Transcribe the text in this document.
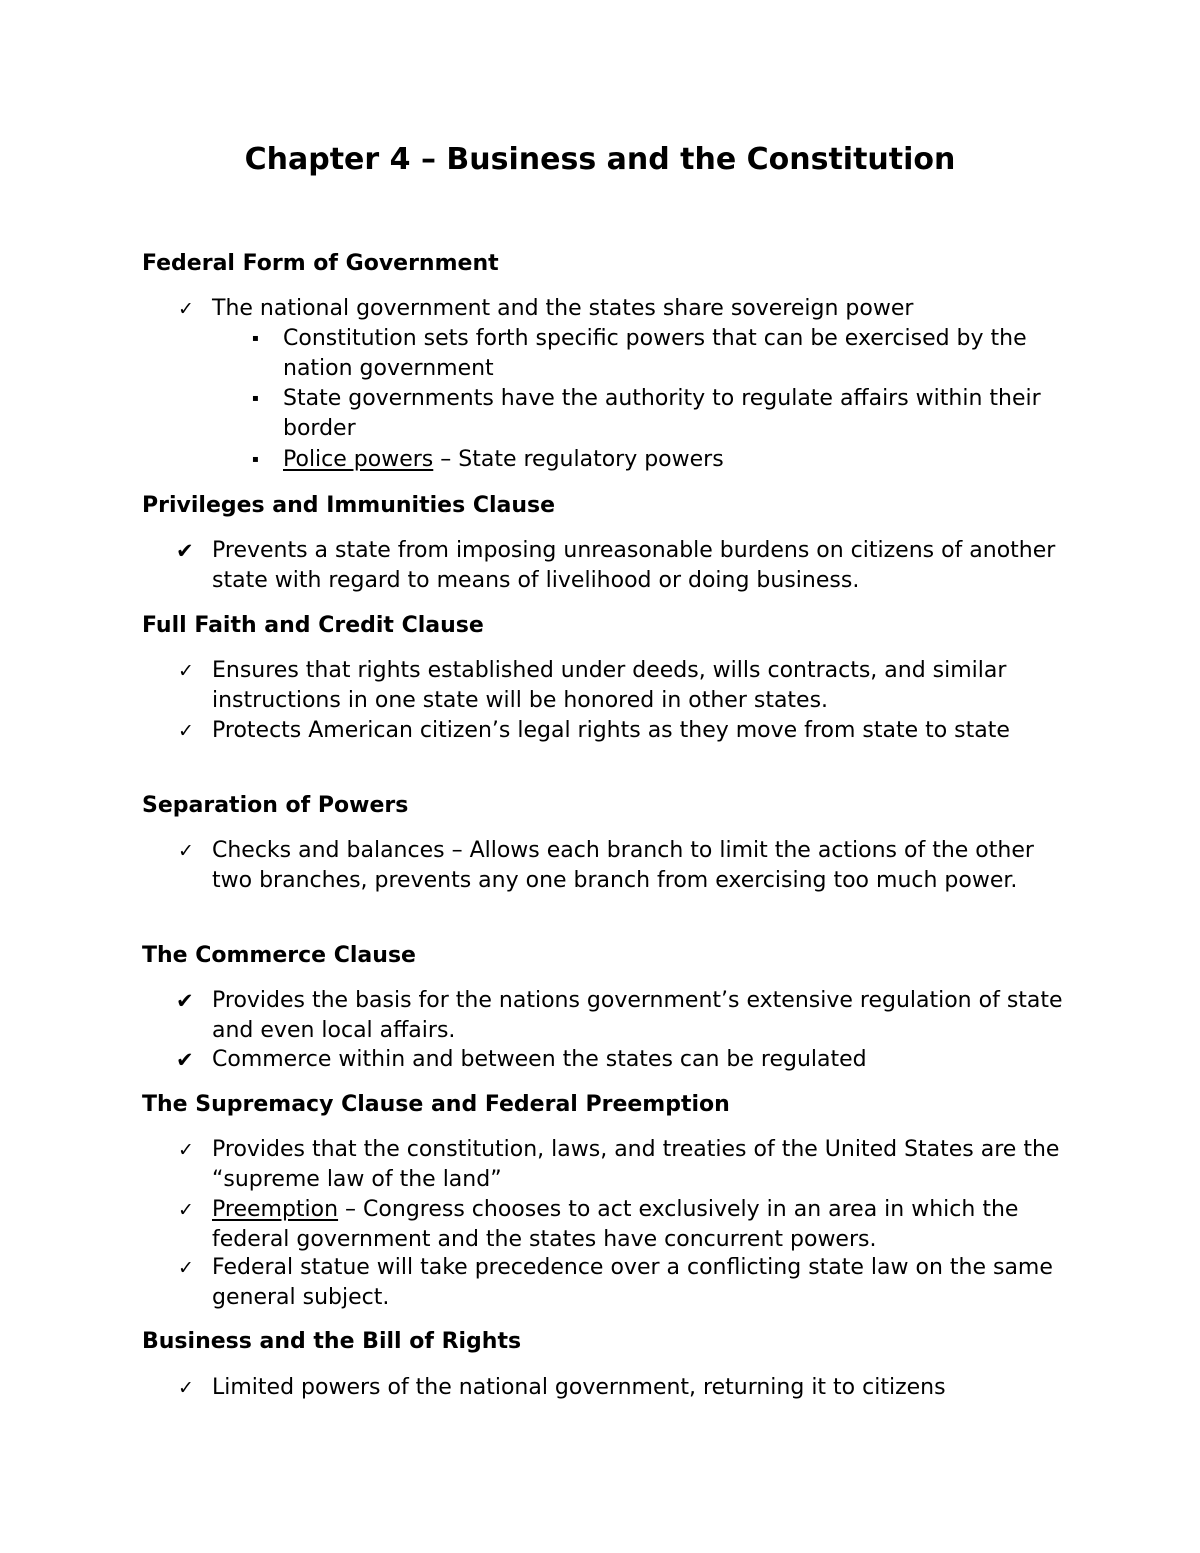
Chapter 4 – Business and the Constitution
Federal Form of Government
✓ The national government and the states share sovereign power

▪ Constitution sets forth specific powers that can be exercised by the nation government

▪ State governments have the authority to regulate affairs within their border

▪ Police powers – State regulatory powers

Privileges and Immunities Clause
✔ Prevents a state from imposing unreasonable burdens on citizens of another state with regard to means of livelihood or doing business.

Full Faith and Credit Clause
✓ Ensures that rights established under deeds, wills contracts, and similar instructions in one state will be honored in other states.

✓ Protects American citizen’s legal rights as they move from state to state

Separation of Powers
✓ Checks and balances – Allows each branch to limit the actions of the other two branches, prevents any one branch from exercising too much power.

The Commerce Clause
✔ Provides the basis for the nations government’s extensive regulation of state and even local affairs.

✔ Commerce within and between the states can be regulated

The Supremacy Clause and Federal Preemption
✓ Provides that the constitution, laws, and treaties of the United States are the “supreme law of the land”

✓ Preemption – Congress chooses to act exclusively in an area in which the federal government and the states have concurrent powers.

✓ Federal statue will take precedence over a conflicting state law on the same general subject.

Business and the Bill of Rights
✓ Limited powers of the national government, returning it to citizens
